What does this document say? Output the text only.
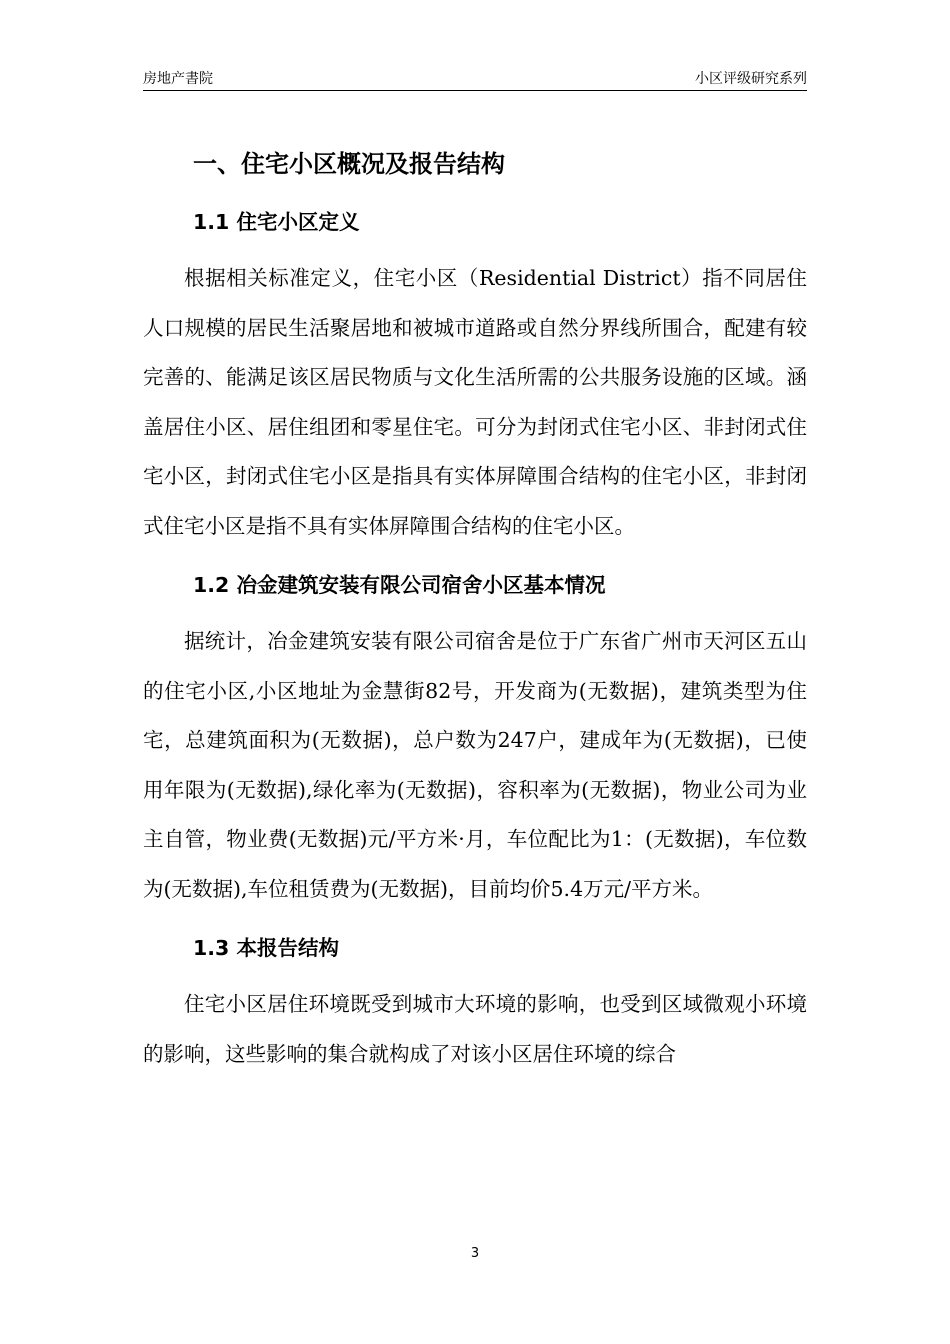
房地产書院	小区评级研究系列
一、住宅小区概况及报告结构
1.1 住宅小区定义

根据相关标准定义，住宅小区（Residential District）指不同居住人口规模的居民生活聚居地和被城市道路或自然分界线所围合，配建有较完善的、能满足该区居民物质与文化生活所需的公共服务设施的区域。涵盖居住小区、居住组团和零星住宅。可分为封闭式住宅小区、非封闭式住宅小区，封闭式住宅小区是指具有实体屏障围合结构的住宅小区，非封闭式住宅小区是指不具有实体屏障围合结构的住宅小区。

1.2 冶金建筑安装有限公司宿舍小区基本情况

据统计，冶金建筑安装有限公司宿舍是位于广东省广州市天河区五山的住宅小区,小区地址为金慧街82号，开发商为(无数据)，建筑类型为住宅，总建筑面积为(无数据)，总户数为247户，建成年为(无数据)，已使用年限为(无数据),绿化率为(无数据)，容积率为(无数据)，物业公司为业主自管，物业费(无数据)元/平方米·月，车位配比为1：(无数据)，车位数为(无数据),车位租赁费为(无数据)，目前均价5.4万元/平方米。

1.3 本报告结构

住宅小区居住环境既受到城市大环境的影响，也受到区域微观小环境的影响，这些影响的集合就构成了对该小区居住环境的综合

3
